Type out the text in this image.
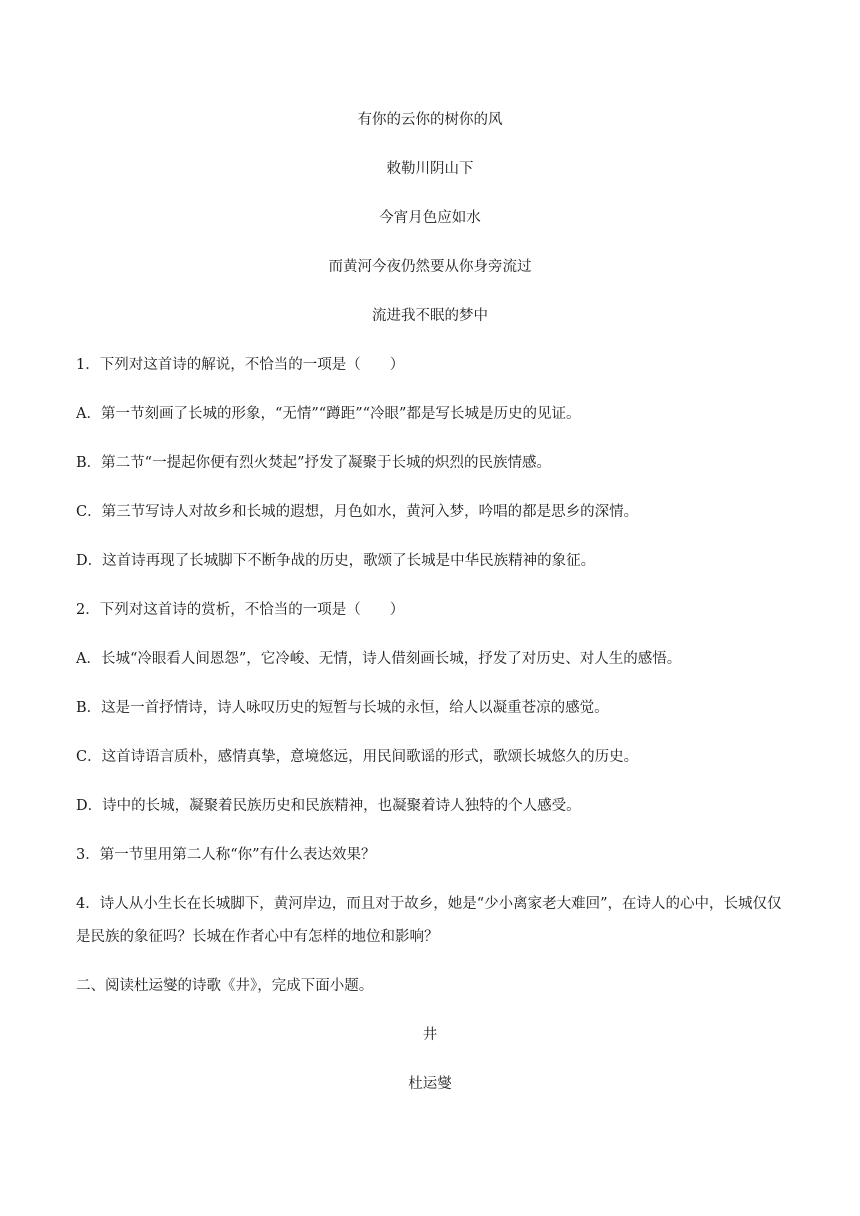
有你的云你的树你的风
敕勒川阴山下
今宵月色应如水
而黄河今夜仍然要从你身旁流过
流进我不眠的梦中
1．下列对这首诗的解说，不恰当的一项是（　　）
A．第一节刻画了长城的形象，“无情”“蹲距”“冷眼”都是写长城是历史的见证。
B．第二节“一提起你便有烈火焚起”抒发了凝聚于长城的炽烈的民族情感。
C．第三节写诗人对故乡和长城的遐想，月色如水，黄河入梦，吟唱的都是思乡的深情。
D．这首诗再现了长城脚下不断争战的历史，歌颂了长城是中华民族精神的象征。
2．下列对这首诗的赏析，不恰当的一项是（　　）
A．长城“冷眼看人间恩怨”，它冷峻、无情，诗人借刻画长城，抒发了对历史、对人生的感悟。
B．这是一首抒情诗，诗人咏叹历史的短暂与长城的永恒，给人以凝重苍凉的感觉。
C．这首诗语言质朴，感情真挚，意境悠远，用民间歌谣的形式，歌颂长城悠久的历史。
D．诗中的长城，凝聚着民族历史和民族精神，也凝聚着诗人独特的个人感受。
3．第一节里用第二人称“你”有什么表达效果？
4．诗人从小生长在长城脚下，黄河岸边，而且对于故乡，她是“少小离家老大难回”，在诗人的心中，长城仅仅是民族的象征吗？长城在作者心中有怎样的地位和影响？
二、阅读杜运燮的诗歌《井》，完成下面小题。
井
杜运燮
